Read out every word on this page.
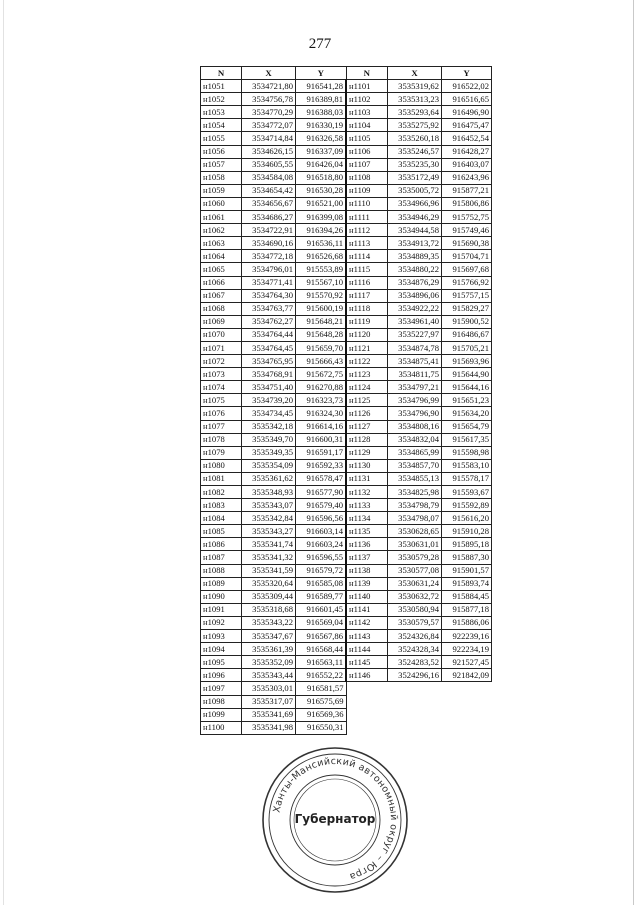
277
N	X	Y	N	X	Y
н1051	3534721,80	916541,28	н1101	3535319,62	916522,02
н1052	3534756,78	916389,81	н1102	3535313,23	916516,65
н1053	3534770,29	916388,03	н1103	3535293,64	916496,90
н1054	3534772,07	916330,19	н1104	3535275,92	916475,47
н1055	3534714,84	916326,58	н1105	3535260,18	916452,54
н1056	3534626,15	916337,09	н1106	3535246,57	916428,27
н1057	3534605,55	916426,04	н1107	3535235,30	916403,07
н1058	3534584,08	916518,80	н1108	3535172,49	916243,96
н1059	3534654,42	916530,28	н1109	3535005,72	915877,21
н1060	3534656,67	916521,00	н1110	3534966,96	915806,86
н1061	3534686,27	916399,08	н1111	3534946,29	915752,75
н1062	3534722,91	916394,26	н1112	3534944,58	915749,46
н1063	3534690,16	916536,11	н1113	3534913,72	915690,38
н1064	3534772,18	916526,68	н1114	3534889,35	915704,71
н1065	3534796,01	915553,89	н1115	3534880,22	915697,68
н1066	3534771,41	915567,10	н1116	3534876,29	915766,92
н1067	3534764,30	915570,92	н1117	3534896,06	915757,15
н1068	3534763,77	915600,19	н1118	3534922,22	915829,27
н1069	3534762,27	915648,21	н1119	3534961,40	915900,52
н1070	3534764,44	915648,28	н1120	3535227,97	916486,67
н1071	3534764,45	915659,70	н1121	3534874,78	915705,21
н1072	3534765,95	915666,43	н1122	3534875,41	915693,96
н1073	3534768,91	915672,75	н1123	3534811,75	915644,90
н1074	3534751,40	916270,88	н1124	3534797,21	915644,16
н1075	3534739,20	916323,73	н1125	3534796,99	915651,23
н1076	3534734,45	916324,30	н1126	3534796,90	915634,20
н1077	3535342,18	916614,16	н1127	3534808,16	915654,79
н1078	3535349,70	916600,31	н1128	3534832,04	915617,35
н1079	3535349,35	916591,17	н1129	3534865,99	915598,98
н1080	3535354,09	916592,33	н1130	3534857,70	915583,10
н1081	3535361,62	916578,47	н1131	3534855,13	915578,17
н1082	3535348,93	916577,90	н1132	3534825,98	915593,67
н1083	3535343,07	916579,40	н1133	3534798,79	915592,89
н1084	3535342,84	916596,56	н1134	3534798,07	915616,20
н1085	3535343,27	916603,14	н1135	3530628,65	915910,28
н1086	3535341,74	916603,24	н1136	3530631,01	915895,18
н1087	3535341,32	916596,55	н1137	3530579,28	915887,30
н1088	3535341,59	916579,72	н1138	3530577,08	915901,57
н1089	3535320,64	916585,08	н1139	3530631,24	915893,74
н1090	3535309,44	916589,77	н1140	3530632,72	915884,45
н1091	3535318,68	916601,45	н1141	3530580,94	915877,18
н1092	3535343,22	916569,04	н1142	3530579,57	915886,06
н1093	3535347,67	916567,86	н1143	3524326,84	922239,16
н1094	3535361,39	916568,44	н1144	3524328,34	922234,19
н1095	3535352,09	916563,11	н1145	3524283,52	921527,45
н1096	3535343,44	916552,22	н1146	3524296,16	921842,09
н1097	3535303,01	916581,57			
н1098	3535317,07	916575,69			
н1099	3535341,69	916569,36			
н1100	3535341,98	916550,31			
Ханты-Мансийский автономный округ – Югра
Губернатор
